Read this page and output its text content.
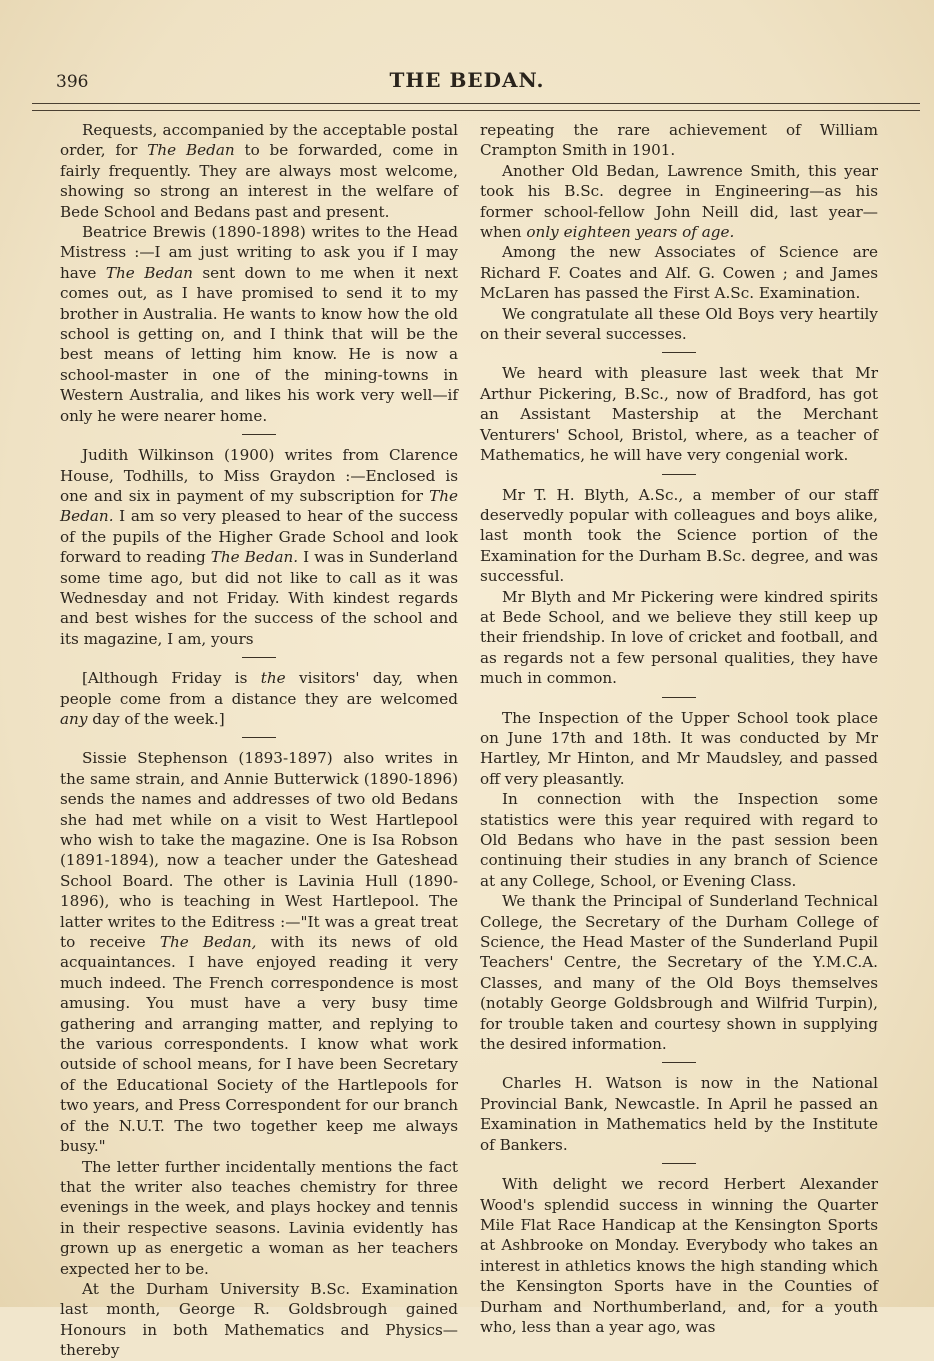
396	THE BEDAN.

Requests, accompanied by the acceptable postal order, for The Bedan to be forwarded, come in fairly frequently. They are always most welcome, showing so strong an interest in the welfare of Bede School and Bedans past and present.

Beatrice Brewis (1890-1898) writes to the Head Mistress :—I am just writing to ask you if I may have The Bedan sent down to me when it next comes out, as I have promised to send it to my brother in Australia. He wants to know how the old school is getting on, and I think that will be the best means of letting him know. He is now a school-master in one of the mining-towns in Western Australia, and likes his work very well—if only he were nearer home.

Judith Wilkinson (1900) writes from Clarence House, Todhills, to Miss Graydon :—Enclosed is one and six in payment of my subscription for The Bedan. I am so very pleased to hear of the success of the pupils of the Higher Grade School and look forward to reading The Bedan. I was in Sunderland some time ago, but did not like to call as it was Wednesday and not Friday. With kindest regards and best wishes for the success of the school and its magazine, I am, yours

[Although Friday is the visitors' day, when people come from a distance they are welcomed any day of the week.]

Sissie Stephenson (1893-1897) also writes in the same strain, and Annie Butterwick (1890-1896) sends the names and addresses of two old Bedans she had met while on a visit to West Hartlepool who wish to take the magazine. One is Isa Robson (1891-1894), now a teacher under the Gateshead School Board. The other is Lavinia Hull (1890-1896), who is teaching in West Hartlepool. The latter writes to the Editress :—"It was a great treat to receive The Bedan, with its news of old acquaintances. I have enjoyed reading it very much indeed. The French correspondence is most amusing. You must have a very busy time gathering and arranging matter, and replying to the various correspondents. I know what work outside of school means, for I have been Secretary of the Educational Society of the Hartlepools for two years, and Press Correspondent for our branch of the N.U.T. The two together keep me always busy."

The letter further incidentally mentions the fact that the writer also teaches chemistry for three evenings in the week, and plays hockey and tennis in their respective seasons. Lavinia evidently has grown up as energetic a woman as her teachers expected her to be.

At the Durham University B.Sc. Examination last month, George R. Goldsbrough gained Honours in both Mathematics and Physics—thereby

repeating the rare achievement of William Crampton Smith in 1901.

Another Old Bedan, Lawrence Smith, this year took his B.Sc. degree in Engineering—as his former school-fellow John Neill did, last year—when only eighteen years of age.

Among the new Associates of Science are Richard F. Coates and Alf. G. Cowen ; and James McLaren has passed the First A.Sc. Examination.

We congratulate all these Old Boys very heartily on their several successes.

We heard with pleasure last week that Mr Arthur Pickering, B.Sc., now of Bradford, has got an Assistant Mastership at the Merchant Venturers' School, Bristol, where, as a teacher of Mathematics, he will have very congenial work.

Mr T. H. Blyth, A.Sc., a member of our staff deservedly popular with colleagues and boys alike, last month took the Science portion of the Examination for the Durham B.Sc. degree, and was successful.

Mr Blyth and Mr Pickering were kindred spirits at Bede School, and we believe they still keep up their friendship. In love of cricket and football, and as regards not a few personal qualities, they have much in common.

The Inspection of the Upper School took place on June 17th and 18th. It was conducted by Mr Hartley, Mr Hinton, and Mr Maudsley, and passed off very pleasantly.

In connection with the Inspection some statistics were this year required with regard to Old Bedans who have in the past session been continuing their studies in any branch of Science at any College, School, or Evening Class.

We thank the Principal of Sunderland Technical College, the Secretary of the Durham College of Science, the Head Master of the Sunderland Pupil Teachers' Centre, the Secretary of the Y.M.C.A. Classes, and many of the Old Boys themselves (notably George Goldsbrough and Wilfrid Turpin), for trouble taken and courtesy shown in supplying the desired information.

Charles H. Watson is now in the National Provincial Bank, Newcastle. In April he passed an Examination in Mathematics held by the Institute of Bankers.

With delight we record Herbert Alexander Wood's splendid success in winning the Quarter Mile Flat Race Handicap at the Kensington Sports at Ashbrooke on Monday. Everybody who takes an interest in athletics knows the high standing which the Kensington Sports have in the Counties of Durham and Northumberland, and, for a youth who, less than a year ago, was
